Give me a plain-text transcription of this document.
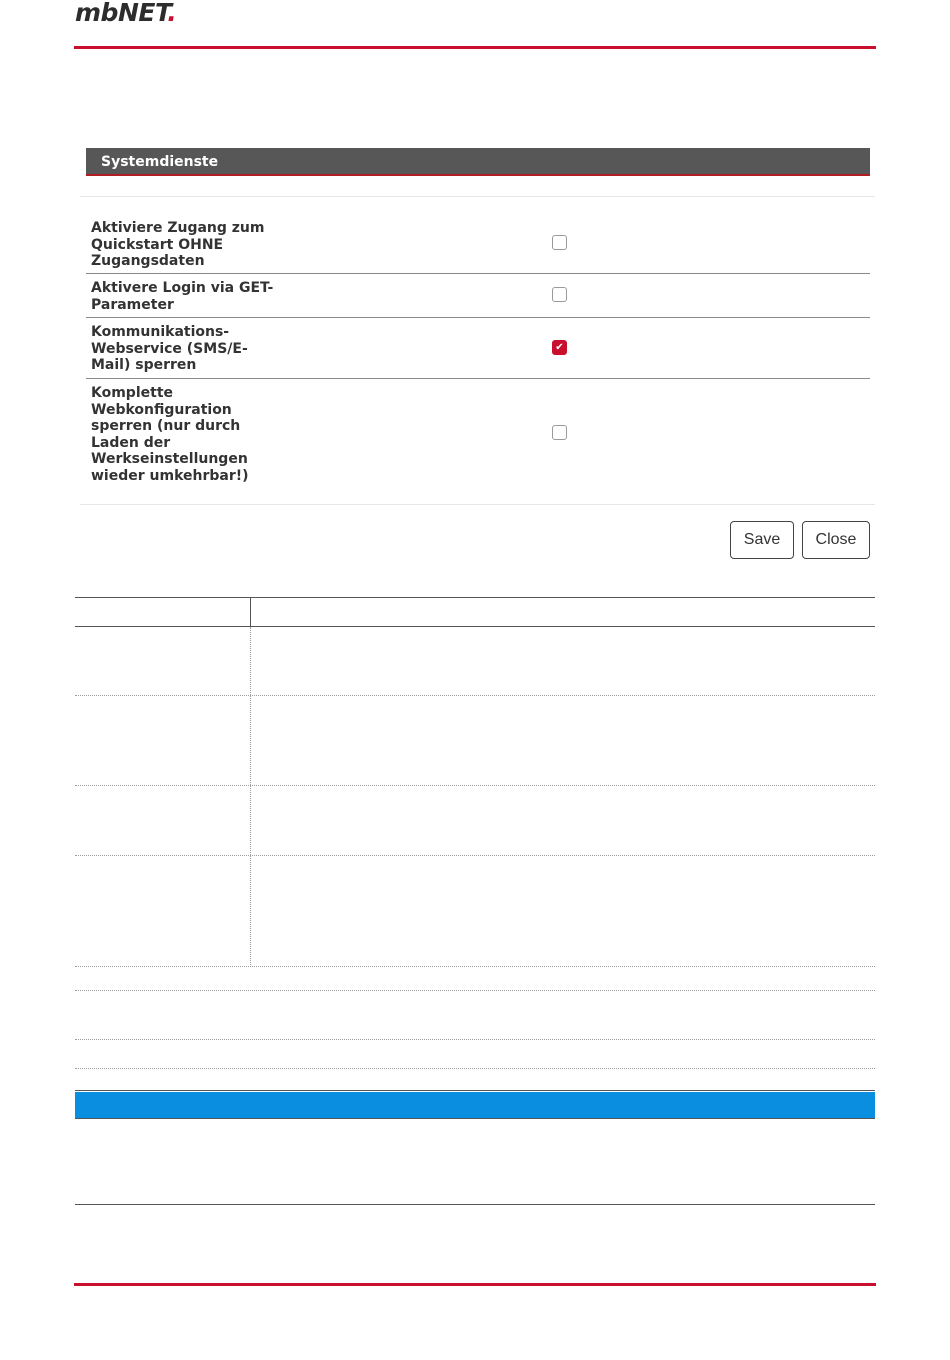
mbNET.
Systemdienste
Aktiviere Zugang zum Quickstart OHNE Zugangsdaten
Aktivere Login via GET-Parameter
Kommunikations-Webservice (SMS/E-Mail) sperren
✔
Komplette Webkonfiguration sperren (nur durch Laden der Werkseinstellungen wieder umkehrbar!)
Save	Close
